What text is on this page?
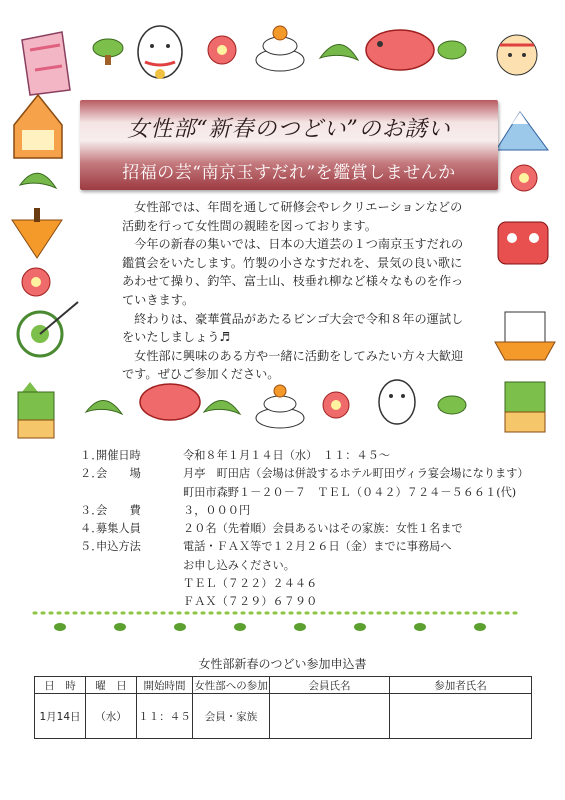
女性部“新春のつどい”のお誘い
招福の芸“南京玉すだれ”を鑑賞しませんか

　女性部では、年間を通して研修会やレクリエーションなどの活動を行って女性間の親睦を図っております。

　今年の新春の集いでは、日本の大道芸の１つ南京玉すだれの鑑賞会をいたします。竹製の小さなすだれを、景気の良い歌にあわせて操り、釣竿、富士山、枝垂れ柳など様々なものを作っていきます。

　終わりは、豪華賞品があたるビンゴ大会で令和８年の運試しをいたしましょう♬

　女性部に興味のある方や一緒に活動をしてみたい方々大歓迎です。ぜひご参加ください。

１．
開催日時	令和８年１月１４日（水）　１１：４５～
２．
会　　場	月亭　町田店（会場は併設するホテル町田ヴィラ宴会場になります）
町田市森野１－２０－７　ＴＥＬ（０４２）７２４－５６６１(代)
３．
会　　費	３，０００円
４．
募集人員	２０名（先着順）会員あるいはその家族：女性１名まで
５．
申込方法	電話・ＦＡＸ等で１２月２６日（金）までに事務局へ
お申し込みください。
ＴＥＬ（７２２）２４４６
ＦＡＸ（７２９）６７９０
女性部新春のつどい参加申込書
日　時	曜　日	開始時間	女性部への参加	会員氏名	参加者氏名
1月14日	（水）	１１：４５	会員・家族		
